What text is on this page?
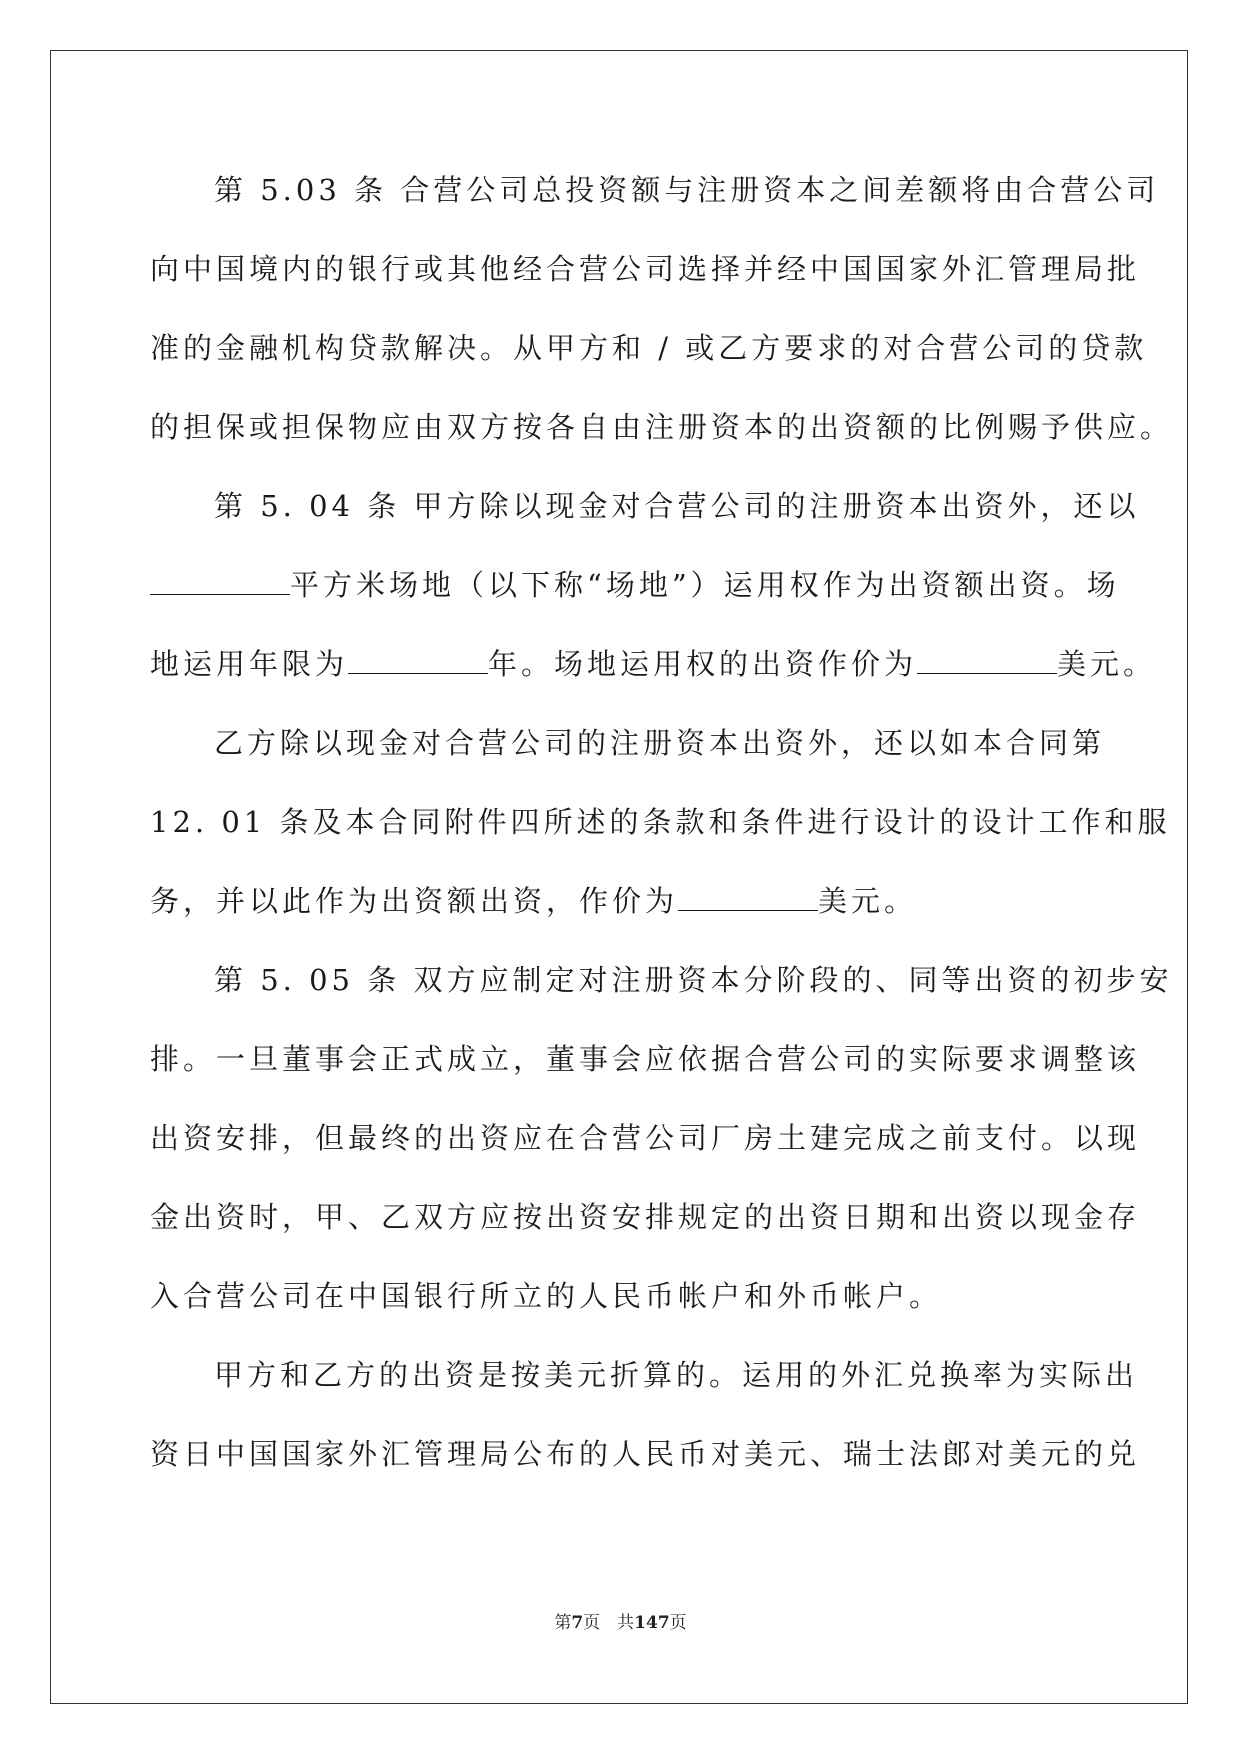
第 5.03 条 合营公司总投资额与注册资本之间差额将由合营公司
向中国境内的银行或其他经合营公司选择并经中国国家外汇管理局批
准的金融机构贷款解决。从甲方和 / 或乙方要求的对合营公司的贷款
的担保或担保物应由双方按各自由注册资本的出资额的比例赐予供应。
第 5. 04 条 甲方除以现金对合营公司的注册资本出资外，还以
平方米场地（以下称“场地”）运用权作为出资额出资。场
地运用年限为	年。场地运用权的出资作价为	美元。
乙方除以现金对合营公司的注册资本出资外，还以如本合同第
12. 01 条及本合同附件四所述的条款和条件进行设计的设计工作和服
务，并以此作为出资额出资，作价为	美元。
第 5. 05 条 双方应制定对注册资本分阶段的、同等出资的初步安
排。一旦董事会正式成立，董事会应依据合营公司的实际要求调整该
出资安排，但最终的出资应在合营公司厂房土建完成之前支付。以现
金出资时，甲、乙双方应按出资安排规定的出资日期和出资以现金存
入合营公司在中国银行所立的人民币帐户和外币帐户。
甲方和乙方的出资是按美元折算的。运用的外汇兑换率为实际出
资日中国国家外汇管理局公布的人民币对美元、瑞士法郎对美元的兑
第7页　共147页
